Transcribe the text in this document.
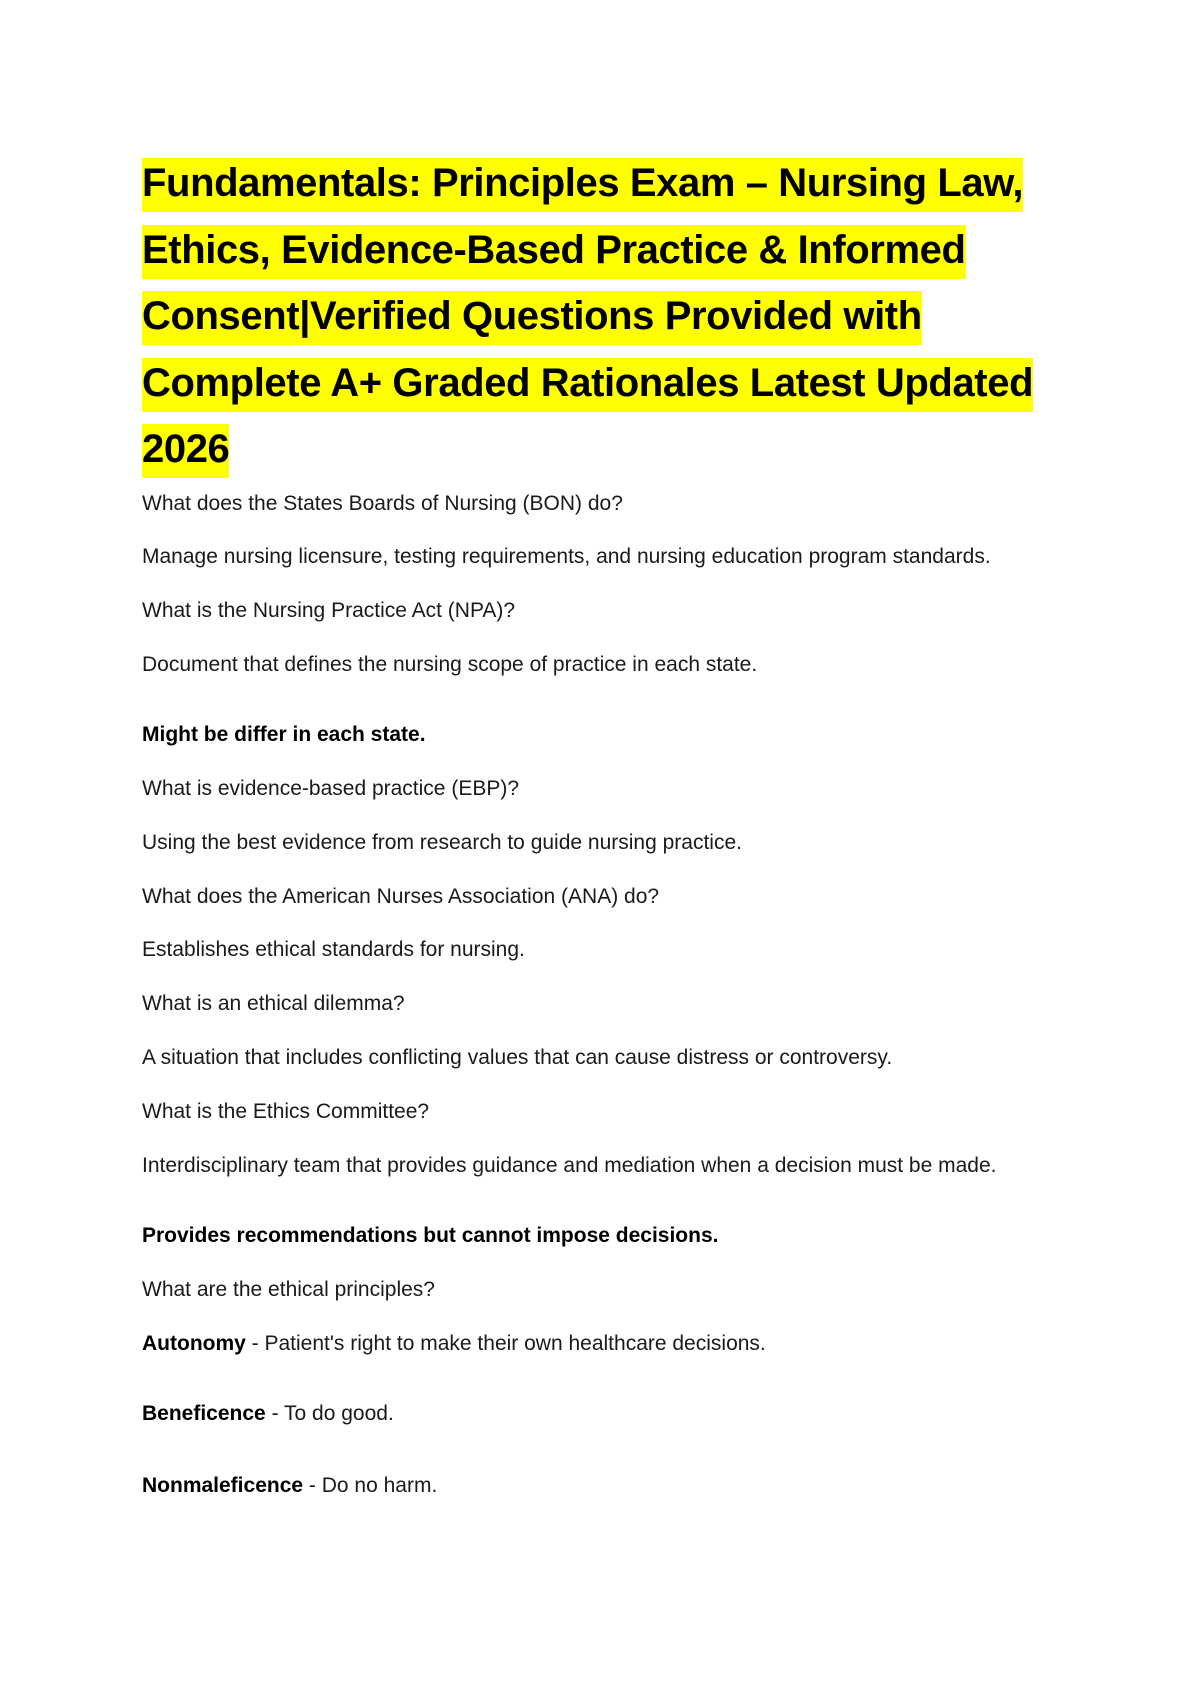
Fundamentals: Principles Exam – Nursing Law, Ethics, Evidence-Based Practice & Informed Consent|Verified Questions Provided with Complete A+ Graded Rationales Latest Updated 2026
What does the States Boards of Nursing (BON) do?
Manage nursing licensure, testing requirements, and nursing education program standards.
What is the Nursing Practice Act (NPA)?
Document that defines the nursing scope of practice in each state.
Might be differ in each state.
What is evidence-based practice (EBP)?
Using the best evidence from research to guide nursing practice.
What does the American Nurses Association (ANA) do?
Establishes ethical standards for nursing.
What is an ethical dilemma?
A situation that includes conflicting values that can cause distress or controversy.
What is the Ethics Committee?
Interdisciplinary team that provides guidance and mediation when a decision must be made.
Provides recommendations but cannot impose decisions.
What are the ethical principles?
Autonomy - Patient's right to make their own healthcare decisions.
Beneficence - To do good.
Nonmaleficence - Do no harm.
